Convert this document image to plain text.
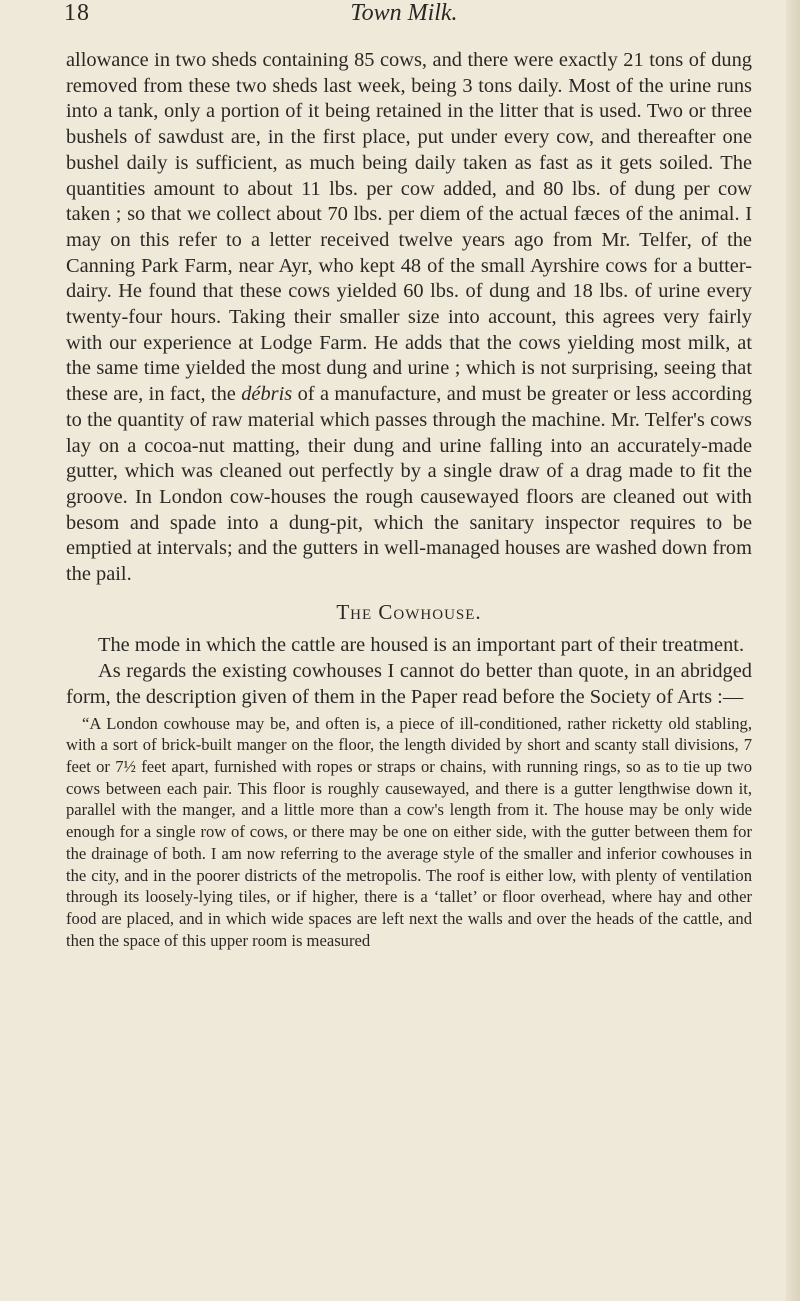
18	Town Milk.

allowance in two sheds containing 85 cows, and there were exactly 21 tons of dung removed from these two sheds last week, being 3 tons daily. Most of the urine runs into a tank, only a portion of it being retained in the litter that is used. Two or three bushels of sawdust are, in the first place, put under every cow, and thereafter one bushel daily is sufficient, as much being daily taken as fast as it gets soiled. The quantities amount to about 11 lbs. per cow added, and 80 lbs. of dung per cow taken ; so that we collect about 70 lbs. per diem of the actual fæces of the animal. I may on this refer to a letter received twelve years ago from Mr. Telfer, of the Canning Park Farm, near Ayr, who kept 48 of the small Ayrshire cows for a butter-dairy. He found that these cows yielded 60 lbs. of dung and 18 lbs. of urine every twenty-four hours. Taking their smaller size into account, this agrees very fairly with our experience at Lodge Farm. He adds that the cows yielding most milk, at the same time yielded the most dung and urine ; which is not surprising, seeing that these are, in fact, the débris of a manufacture, and must be greater or less according to the quantity of raw material which passes through the machine. Mr. Telfer's cows lay on a cocoa-nut matting, their dung and urine falling into an accurately-made gutter, which was cleaned out perfectly by a single draw of a drag made to fit the groove. In London cow-houses the rough causewayed floors are cleaned out with besom and spade into a dung-pit, which the sanitary inspector requires to be emptied at intervals; and the gutters in well-managed houses are washed down from the pail.

The Cowhouse.

The mode in which the cattle are housed is an important part of their treatment.

As regards the existing cowhouses I cannot do better than quote, in an abridged form, the description given of them in the Paper read before the Society of Arts :—

“A London cowhouse may be, and often is, a piece of ill-conditioned, rather ricketty old stabling, with a sort of brick-built manger on the floor, the length divided by short and scanty stall divisions, 7 feet or 7½ feet apart, furnished with ropes or straps or chains, with running rings, so as to tie up two cows between each pair. This floor is roughly causewayed, and there is a gutter lengthwise down it, parallel with the manger, and a little more than a cow's length from it. The house may be only wide enough for a single row of cows, or there may be one on either side, with the gutter between them for the drainage of both. I am now referring to the average style of the smaller and inferior cowhouses in the city, and in the poorer districts of the metropolis. The roof is either low, with plenty of ventilation through its loosely-lying tiles, or if higher, there is a ‘tallet’ or floor overhead, where hay and other food are placed, and in which wide spaces are left next the walls and over the heads of the cattle, and then the space of this upper room is measured
